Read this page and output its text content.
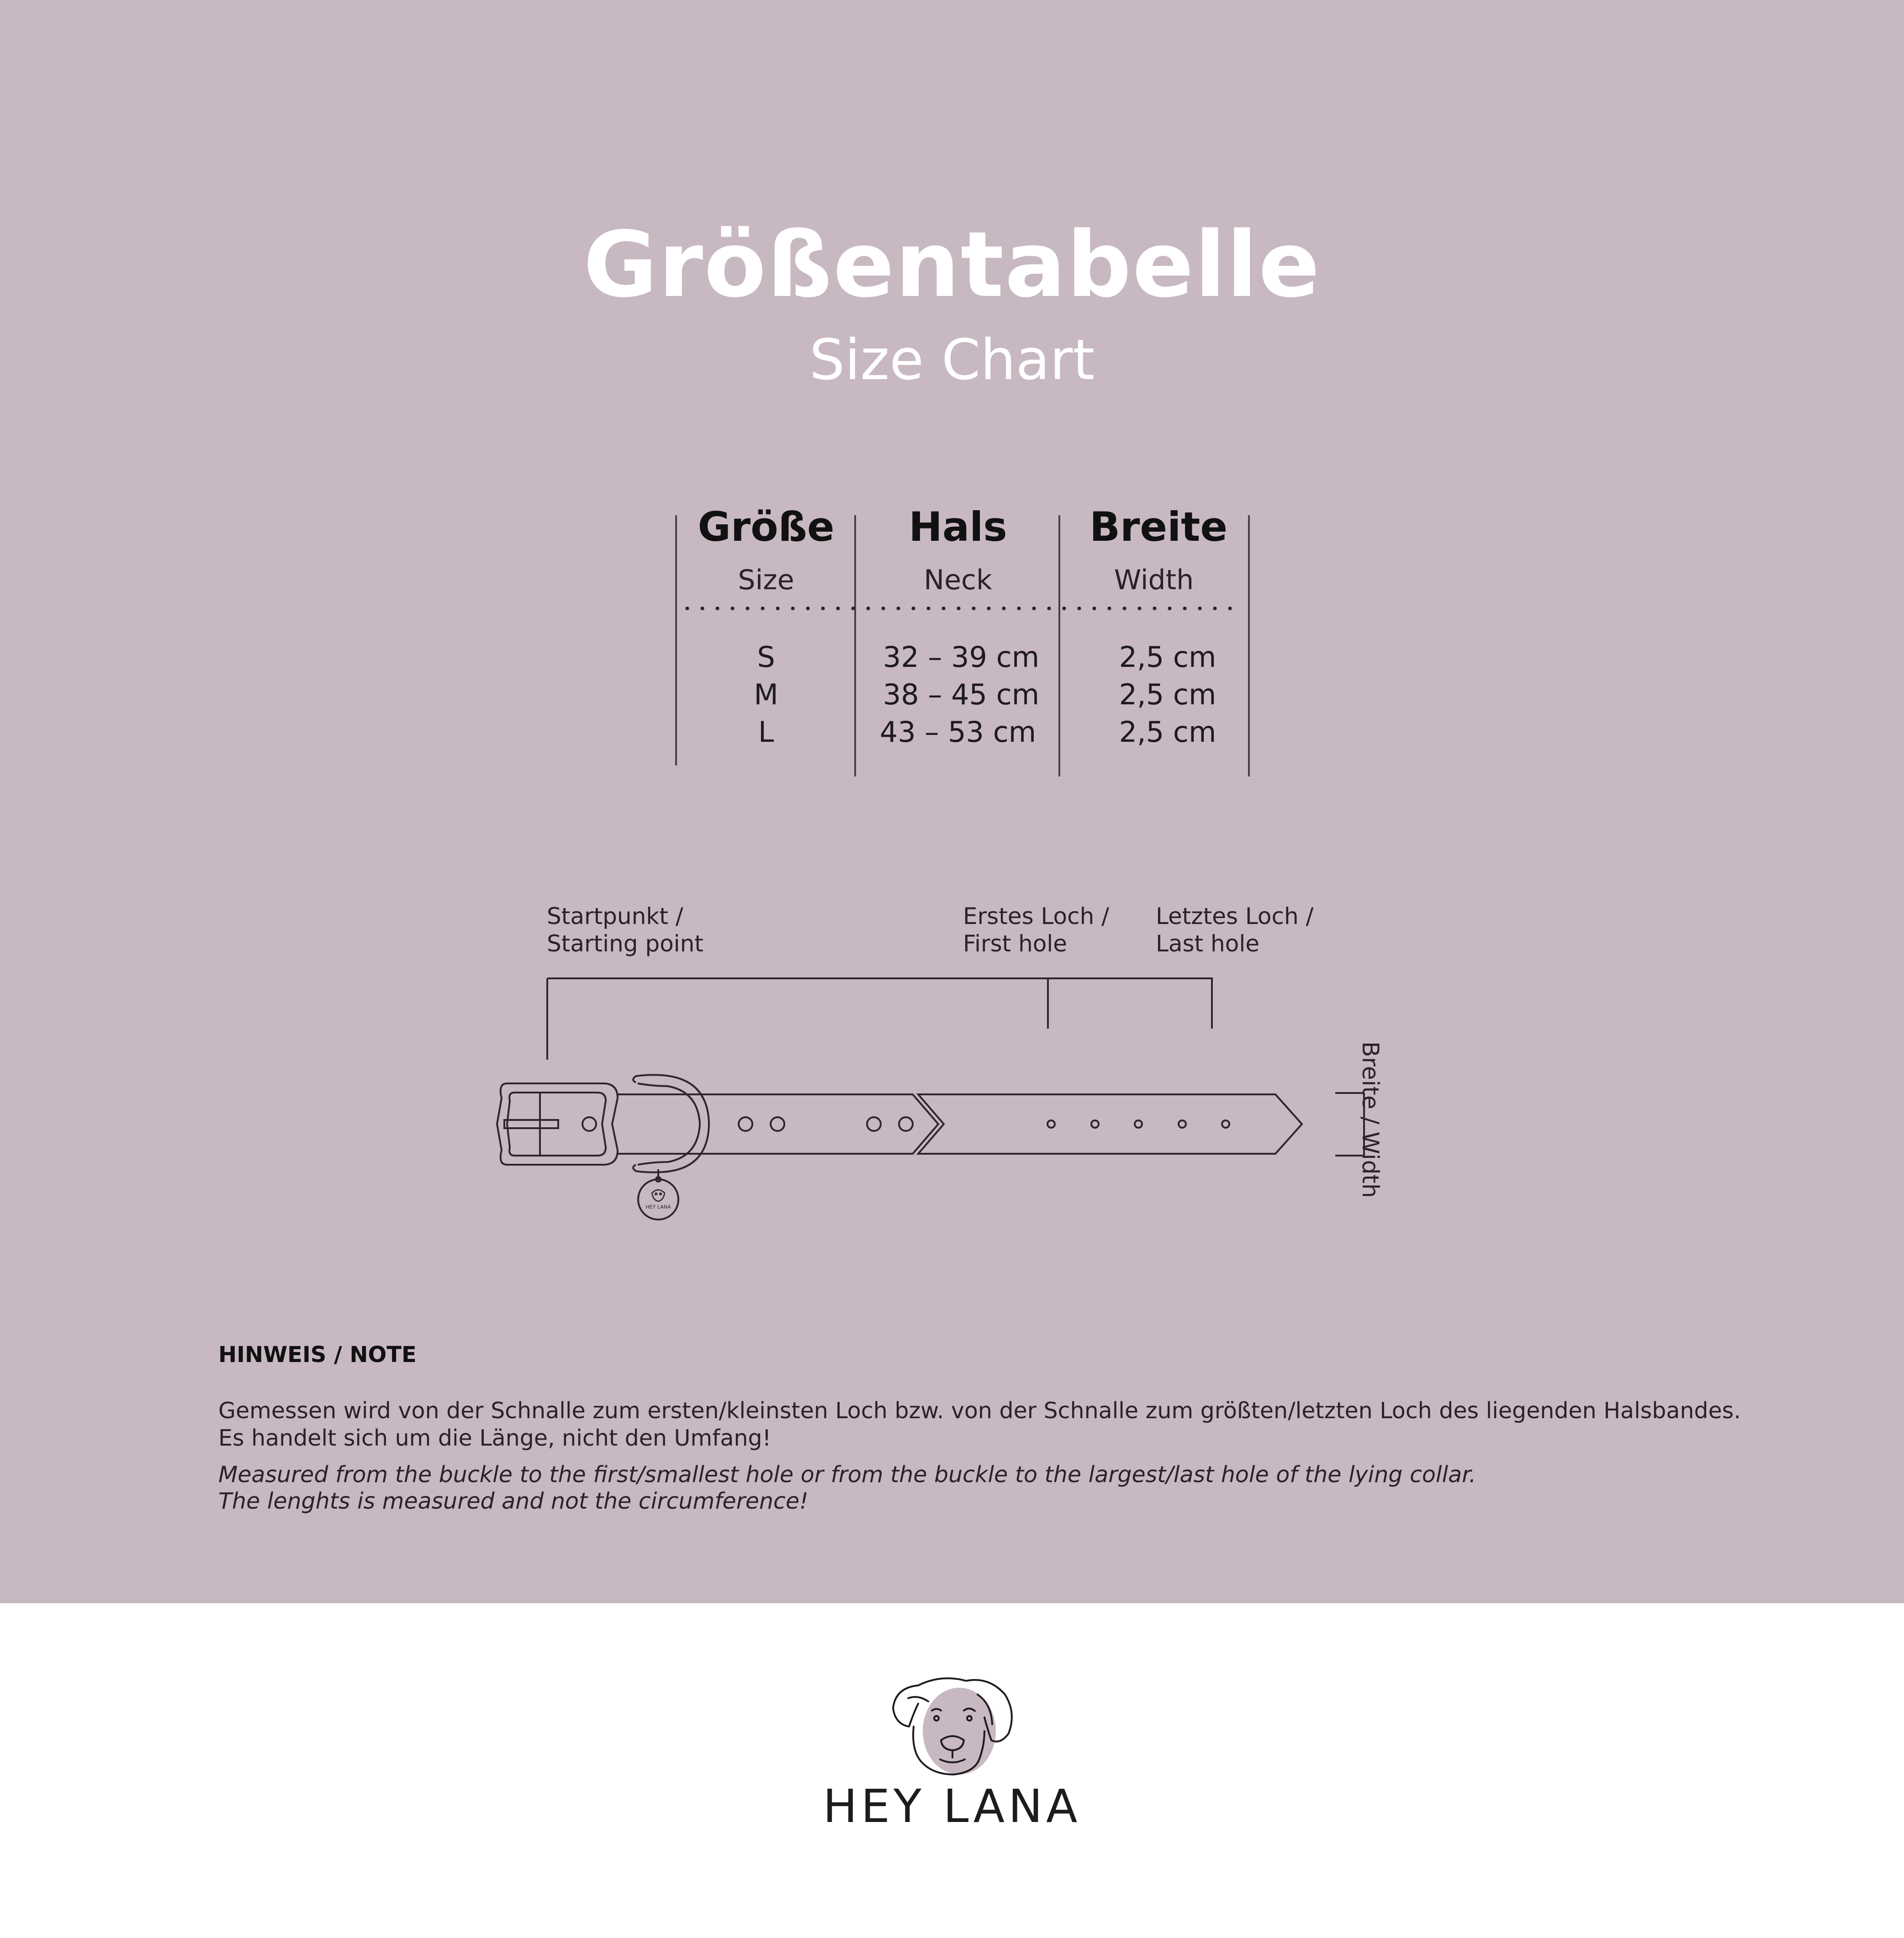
Größentabelle
Size Chart
Größe	Hals	Breite
Size	Neck	Width
S	32 – 39 cm	2,5 cm
M	38 – 45 cm	2,5 cm
L	43 – 53 cm	2,5 cm
Startpunkt /
Starting point
Erstes Loch /
First hole
Letztes Loch /
Last hole
Breite / Width
HEY LANA
HINWEIS / NOTE
Gemessen wird von der Schnalle zum ersten/kleinsten Loch bzw. von der Schnalle zum größten/letzten Loch des liegenden Halsbandes.
Es handelt sich um die Länge, nicht den Umfang!
Measured from the buckle to the first/smallest hole or from the buckle to the largest/last hole of the lying collar.
The lenghts is measured and not the circumference!
HEY LANA
